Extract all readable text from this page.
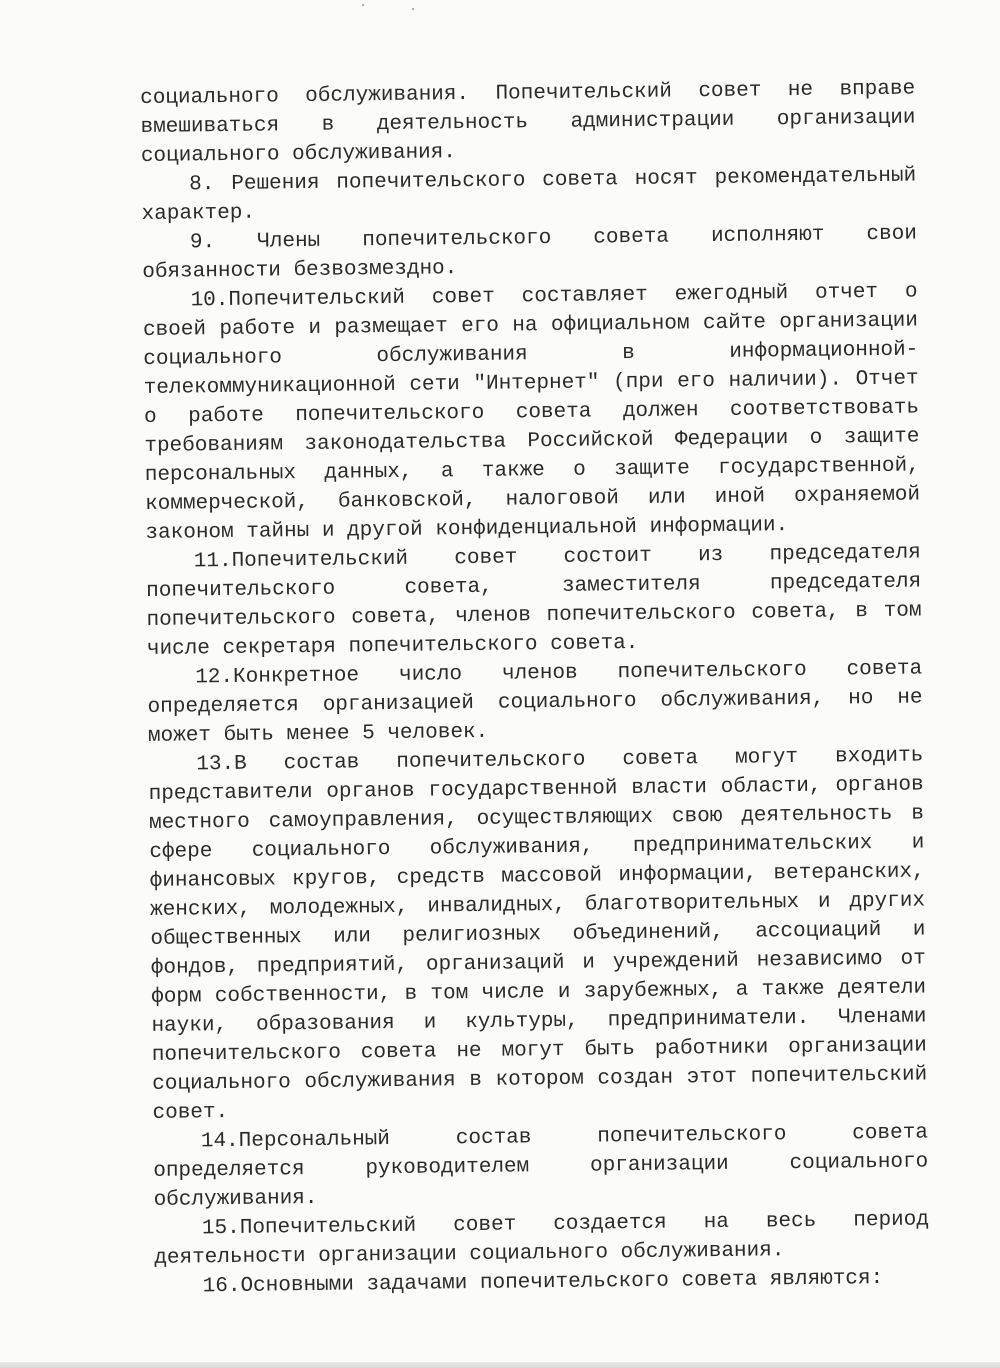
социального обслуживания. Попечительский совет не вправе вмешиваться в деятельность администрации организации социального обслуживания.

8. Решения попечительского совета носят рекомендательный характер.

9. Члены попечительского совета исполняют свои обязанности безвозмездно.

10.Попечительский совет составляет ежегодный отчет о своей работе и размещает его на официальном сайте организации социального обслуживания в информационной-телекоммуникационной сети "Интернет" (при его наличии). Отчет о работе попечительского совета должен соответствовать требованиям законодательства Российской Федерации о защите персональных данных, а также о защите государственной, коммерческой, банковской, налоговой или иной охраняемой законом тайны и другой конфиденциальной информации.

11.Попечительский совет состоит из председателя попечительского совета, заместителя председателя попечительского совета, членов попечительского совета, в том числе секретаря попечительского совета.

12.Конкретное число членов попечительского совета определяется организацией социального обслуживания, но не может быть менее 5 человек.

13.В состав попечительского совета могут входить представители органов государственной власти области, органов местного самоуправления, осуществляющих свою деятельность в сфере социального обслуживания, предпринимательских и финансовых кругов, средств массовой информации, ветеранских, женских, молодежных, инвалидных, благотворительных и других общественных или религиозных объединений, ассоциаций и фондов, предприятий, организаций и учреждений независимо от форм собственности, в том числе и зарубежных, а также деятели науки, образования и культуры, предприниматели. Членами попечительского совета не могут быть работники организации социального обслуживания в котором создан этот попечительский совет.

14.Персональный состав попечительского совета определяется руководителем организации социального обслуживания.

15.Попечительский совет создается на весь период деятельности организации социального обслуживания.

16.Основными задачами попечительского совета являются:
